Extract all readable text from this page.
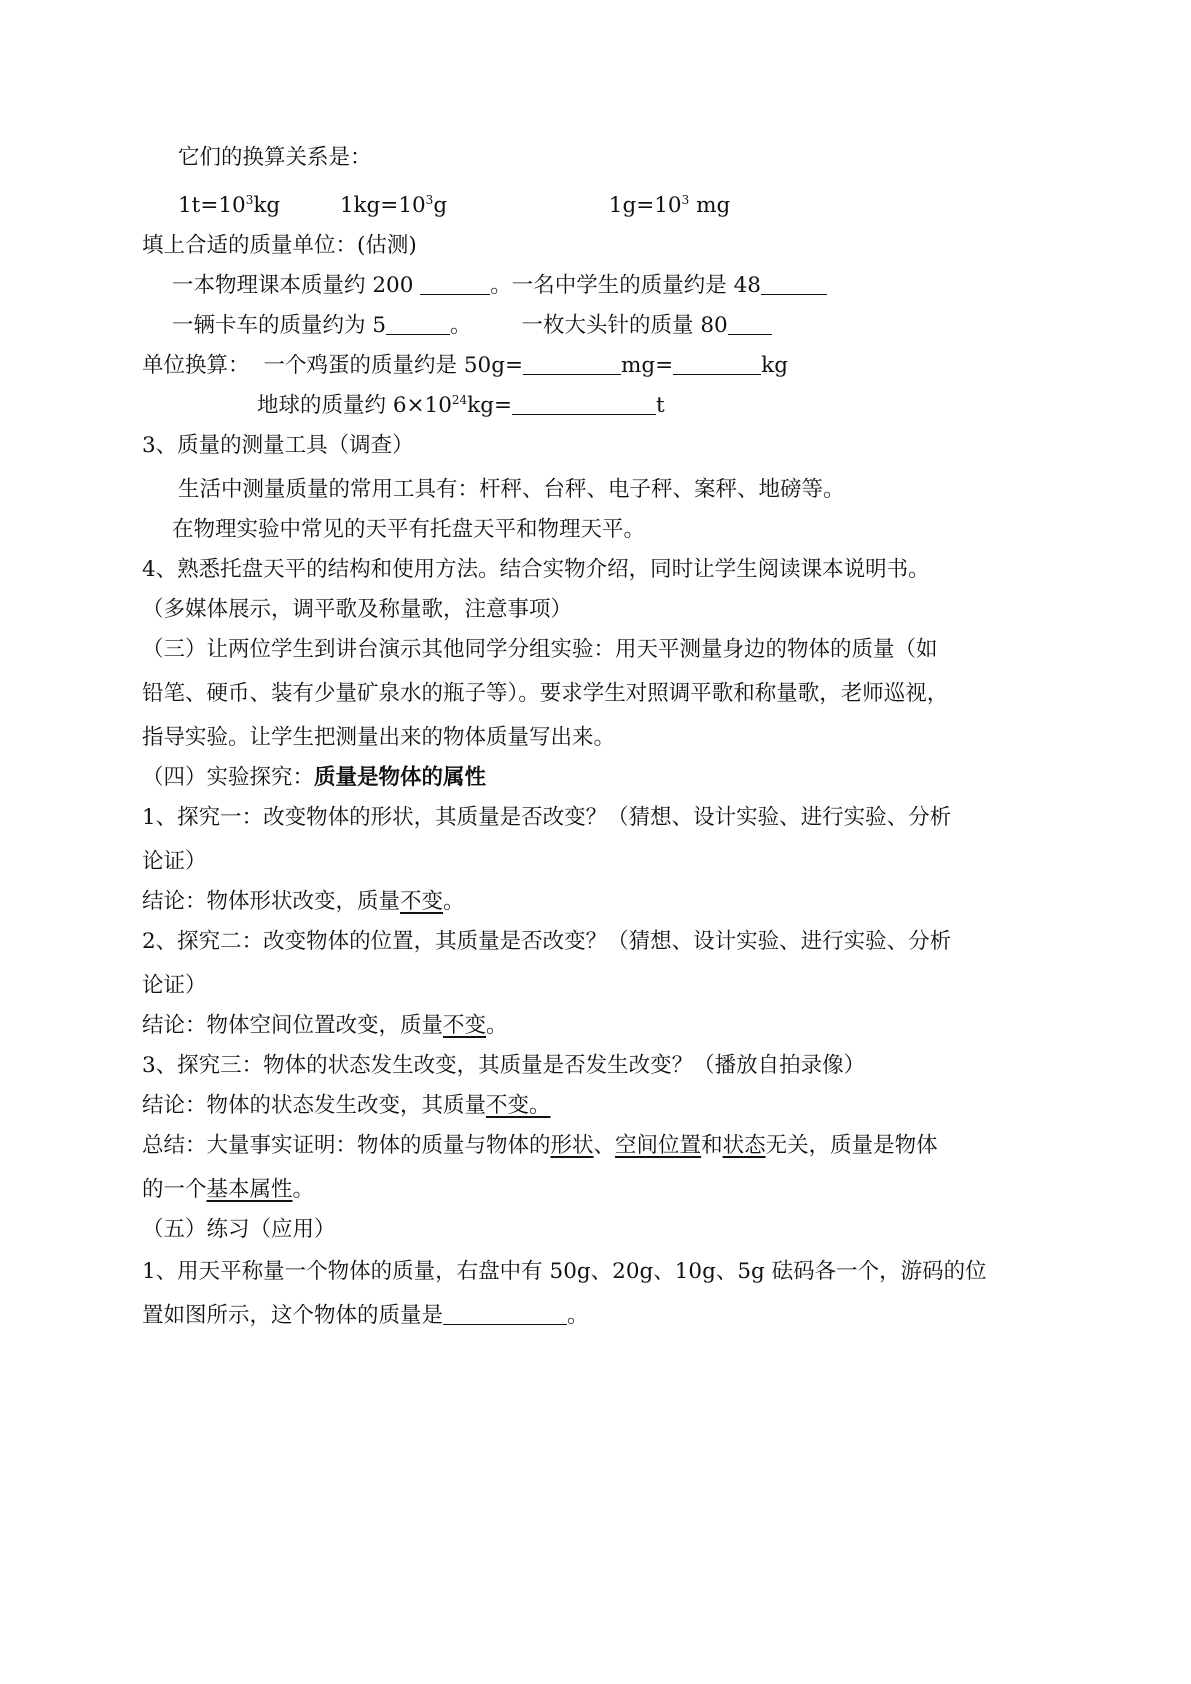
它们的换算关系是：
$1t=10^3kg$	$1kg=10^3g$	$1g=10^3$ mg
填上合适的质量单位：(估测)
一本物理课本质量约 200	。一名中学生的质量约是 48
一辆卡车的质量约为 5	。 一枚大头针的质量 80
单位换算： 一个鸡蛋的质量约是 50g=	mg=	kg
地球的质量约 $6\times 10^{24}kg=$	t
3、质量的测量工具（调查）
生活中测量质量的常用工具有：杆秤、台秤、电子秤、案秤、地磅等。
在物理实验中常见的天平有托盘天平和物理天平。
4、熟悉托盘天平的结构和使用方法。结合实物介绍，同时让学生阅读课本说明书。
（多媒体展示，调平歌及称量歌，注意事项）
（三）让两位学生到讲台演示其他同学分组实验：用天平测量身边的物体的质量（如
铅笔、硬币、装有少量矿泉水的瓶子等）。要求学生对照调平歌和称量歌，老师巡视，
指导实验。让学生把测量出来的物体质量写出来。
（四）实验探究：质量是物体的属性
1、探究一：改变物体的形状，其质量是否改变？（猜想、设计实验、进行实验、分析
论证）
结论：物体形状改变，质量不变。
2、探究二：改变物体的位置，其质量是否改变？（猜想、设计实验、进行实验、分析
论证）
结论：物体空间位置改变，质量不变。
3、探究三：物体的状态发生改变，其质量是否发生改变？（播放自拍录像）
结论：物体的状态发生改变，其质量不变。
总结：大量事实证明：物体的质量与物体的形状、空间位置和状态无关，质量是物体
的一个基本属性。
（五）练习（应用）
1、用天平称量一个物体的质量，右盘中有 50g、20g、10g、5g 砝码各一个，游码的位
置如图所示，这个物体的质量是	。
